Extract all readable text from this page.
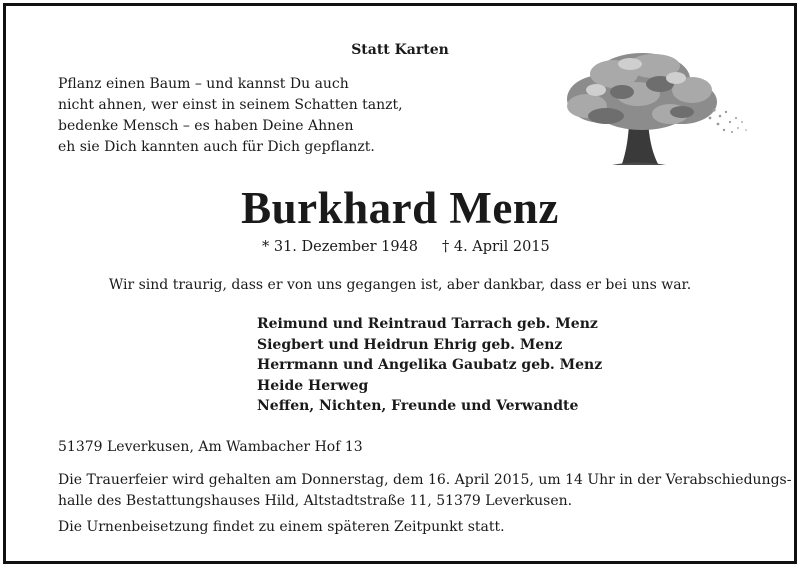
Statt Karten
Pflanz einen Baum – und kannst Du auch
nicht ahnen, wer einst in seinem Schatten tanzt,
bedenke Mensch – es haben Deine Ahnen
eh sie Dich kannten auch für Dich gepflanzt.
Burkhard Menz
* 31. Dezember 1948 † 4. April 2015
Wir sind traurig, dass er von uns gegangen ist, aber dankbar, dass er bei uns war.
Reimund und Reintraud Tarrach geb. Menz
Siegbert und Heidrun Ehrig geb. Menz
Herrmann und Angelika Gaubatz geb. Menz
Heide Herweg
Neffen, Nichten, Freunde und Verwandte
51379 Leverkusen, Am Wambacher Hof 13
Die Trauerfeier wird gehalten am Donnerstag, dem 16. April 2015, um 14 Uhr in der Verabschiedungs-
halle des Bestattungshauses Hild, Altstadtstraße 11, 51379 Leverkusen.
Die Urnenbeisetzung findet zu einem späteren Zeitpunkt statt.
